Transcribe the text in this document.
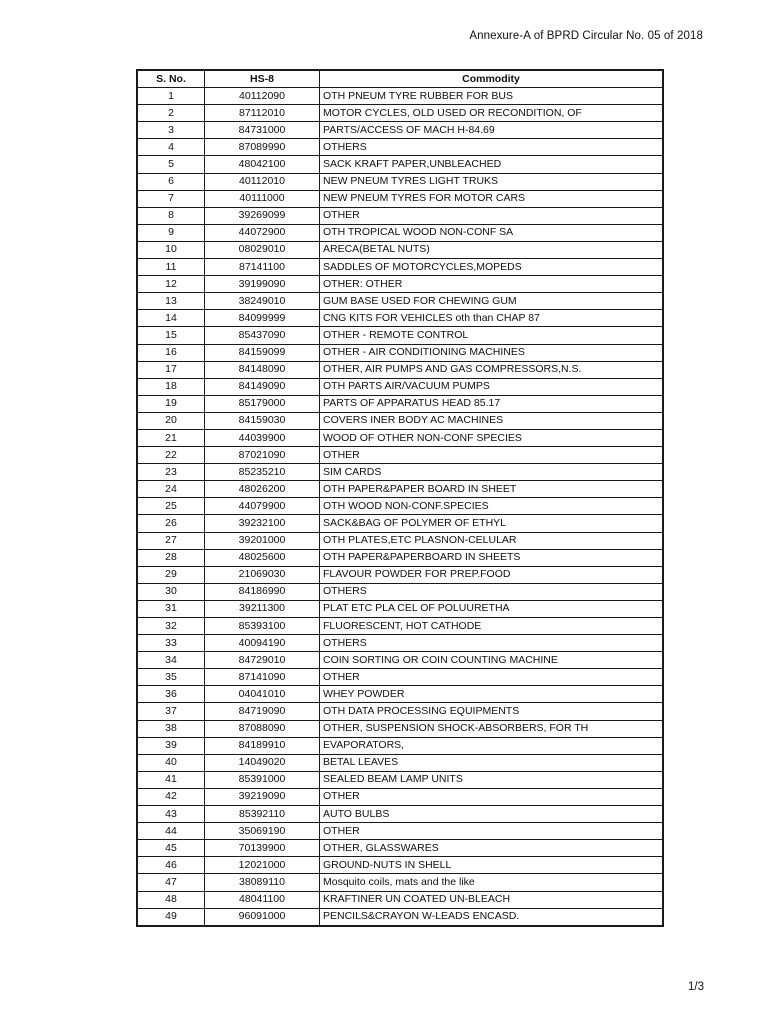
Annexure-A of BPRD Circular No. 05 of 2018
S. No.	HS-8	Commodity
1	40112090	OTH PNEUM TYRE RUBBER FOR BUS
2	87112010	MOTOR CYCLES, OLD USED OR RECONDITION, OF
3	84731000	PARTS/ACCESS OF MACH H-84.69
4	87089990	OTHERS
5	48042100	SACK KRAFT PAPER,UNBLEACHED
6	40112010	NEW PNEUM TYRES LIGHT TRUKS
7	40111000	NEW PNEUM TYRES FOR MOTOR CARS
8	39269099	OTHER
9	44072900	OTH TROPICAL WOOD NON-CONF SA
10	08029010	ARECA(BETAL NUTS)
11	87141100	SADDLES OF MOTORCYCLES,MOPEDS
12	39199090	OTHER: OTHER
13	38249010	GUM BASE USED FOR CHEWING GUM
14	84099999	CNG KITS FOR VEHICLES oth than CHAP 87
15	85437090	OTHER - REMOTE CONTROL
16	84159099	OTHER - AIR CONDITIONING MACHINES
17	84148090	OTHER, AIR PUMPS AND GAS COMPRESSORS,N.S.
18	84149090	OTH PARTS AIR/VACUUM PUMPS
19	85179000	PARTS OF APPARATUS HEAD 85.17
20	84159030	COVERS INER BODY AC MACHINES
21	44039900	WOOD OF OTHER NON-CONF SPECIES
22	87021090	OTHER
23	85235210	SIM CARDS
24	48026200	OTH PAPER&PAPER BOARD IN SHEET
25	44079900	OTH WOOD NON-CONF.SPECIES
26	39232100	SACK&BAG OF POLYMER OF ETHYL
27	39201000	OTH PLATES,ETC PLASNON-CELULAR
28	48025600	OTH PAPER&PAPERBOARD IN SHEETS
29	21069030	FLAVOUR POWDER FOR PREP.FOOD
30	84186990	OTHERS
31	39211300	PLAT ETC PLA CEL OF POLUURETHA
32	85393100	FLUORESCENT, HOT CATHODE
33	40094190	OTHERS
34	84729010	COIN SORTING OR COIN COUNTING MACHINE
35	87141090	OTHER
36	04041010	WHEY POWDER
37	84719090	OTH DATA PROCESSING EQUIPMENTS
38	87088090	OTHER, SUSPENSION SHOCK-ABSORBERS, FOR TH
39	84189910	EVAPORATORS,
40	14049020	BETAL LEAVES
41	85391000	SEALED BEAM LAMP UNITS
42	39219090	OTHER
43	85392110	AUTO BULBS
44	35069190	OTHER
45	70139900	OTHER, GLASSWARES
46	12021000	GROUND-NUTS IN SHELL
47	38089110	Mosquito coils, mats and the like
48	48041100	KRAFTINER UN COATED UN-BLEACH
49	96091000	PENCILS&CRAYON W-LEADS ENCASD.
1/3
